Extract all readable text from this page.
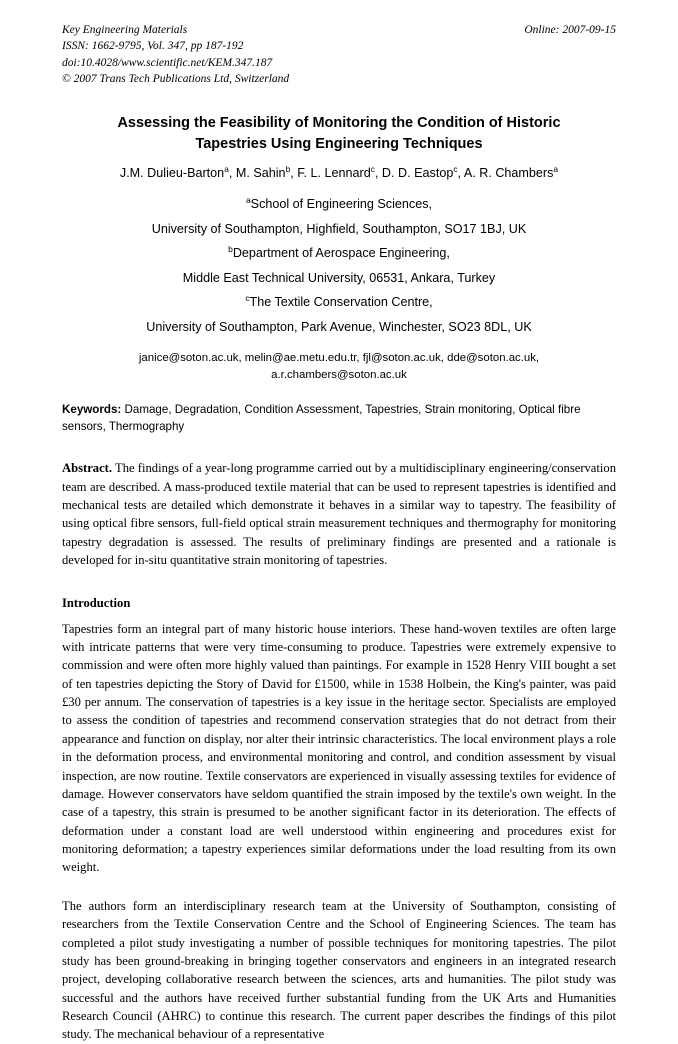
Key Engineering Materials
ISSN: 1662-9795, Vol. 347, pp 187-192
doi:10.4028/www.scientific.net/KEM.347.187
© 2007 Trans Tech Publications Ltd, Switzerland
Online: 2007-09-15
Assessing the Feasibility of Monitoring the Condition of Historic
Tapestries Using Engineering Techniques
J.M. Dulieu-Barton$^a$, M. Sahin$^b$, F. L. Lennard$^c$, D. D. Eastop$^c$, A. R. Chambers$^a$
$^a$School of Engineering Sciences,
University of Southampton, Highfield, Southampton, SO17 1BJ, UK
$^b$Department of Aerospace Engineering,
Middle East Technical University, 06531, Ankara, Turkey
$^c$The Textile Conservation Centre,
University of Southampton, Park Avenue, Winchester, SO23 8DL, UK
janice@soton.ac.uk, melin@ae.metu.edu.tr, fjl@soton.ac.uk, dde@soton.ac.uk,
a.r.chambers@soton.ac.uk
Keywords: Damage, Degradation, Condition Assessment, Tapestries, Strain monitoring, Optical fibre sensors, Thermography
Abstract. The findings of a year-long programme carried out by a multidisciplinary engineering/conservation team are described. A mass-produced textile material that can be used to represent tapestries is identified and mechanical tests are detailed which demonstrate it behaves in a similar way to tapestry. The feasibility of using optical fibre sensors, full-field optical strain measurement techniques and thermography for monitoring tapestry degradation is assessed. The results of preliminary findings are presented and a rationale is developed for in-situ quantitative strain monitoring of tapestries.
Introduction
Tapestries form an integral part of many historic house interiors. These hand-woven textiles are often large with intricate patterns that were very time-consuming to produce. Tapestries were extremely expensive to commission and were often more highly valued than paintings. For example in 1528 Henry VIII bought a set of ten tapestries depicting the Story of David for £1500, while in 1538 Holbein, the King's painter, was paid £30 per annum. The conservation of tapestries is a key issue in the heritage sector. Specialists are employed to assess the condition of tapestries and recommend conservation strategies that do not detract from their appearance and function on display, nor alter their intrinsic characteristics. The local environment plays a role in the deformation process, and environmental monitoring and control, and condition assessment by visual inspection, are now routine. Textile conservators are experienced in visually assessing textiles for evidence of damage. However conservators have seldom quantified the strain imposed by the textile's own weight. In the case of a tapestry, this strain is presumed to be another significant factor in its deterioration. The effects of deformation under a constant load are well understood within engineering and procedures exist for monitoring deformation; a tapestry experiences similar deformations under the load resulting from its own weight.
The authors form an interdisciplinary research team at the University of Southampton, consisting of researchers from the Textile Conservation Centre and the School of Engineering Sciences. The team has completed a pilot study investigating a number of possible techniques for monitoring tapestries. The pilot study has been ground-breaking in bringing together conservators and engineers in an integrated research project, developing collaborative research between the sciences, arts and humanities. The pilot study was successful and the authors have received further substantial funding from the UK Arts and Humanities Research Council (AHRC) to continue this research. The current paper describes the findings of this pilot study. The mechanical behaviour of a representative
